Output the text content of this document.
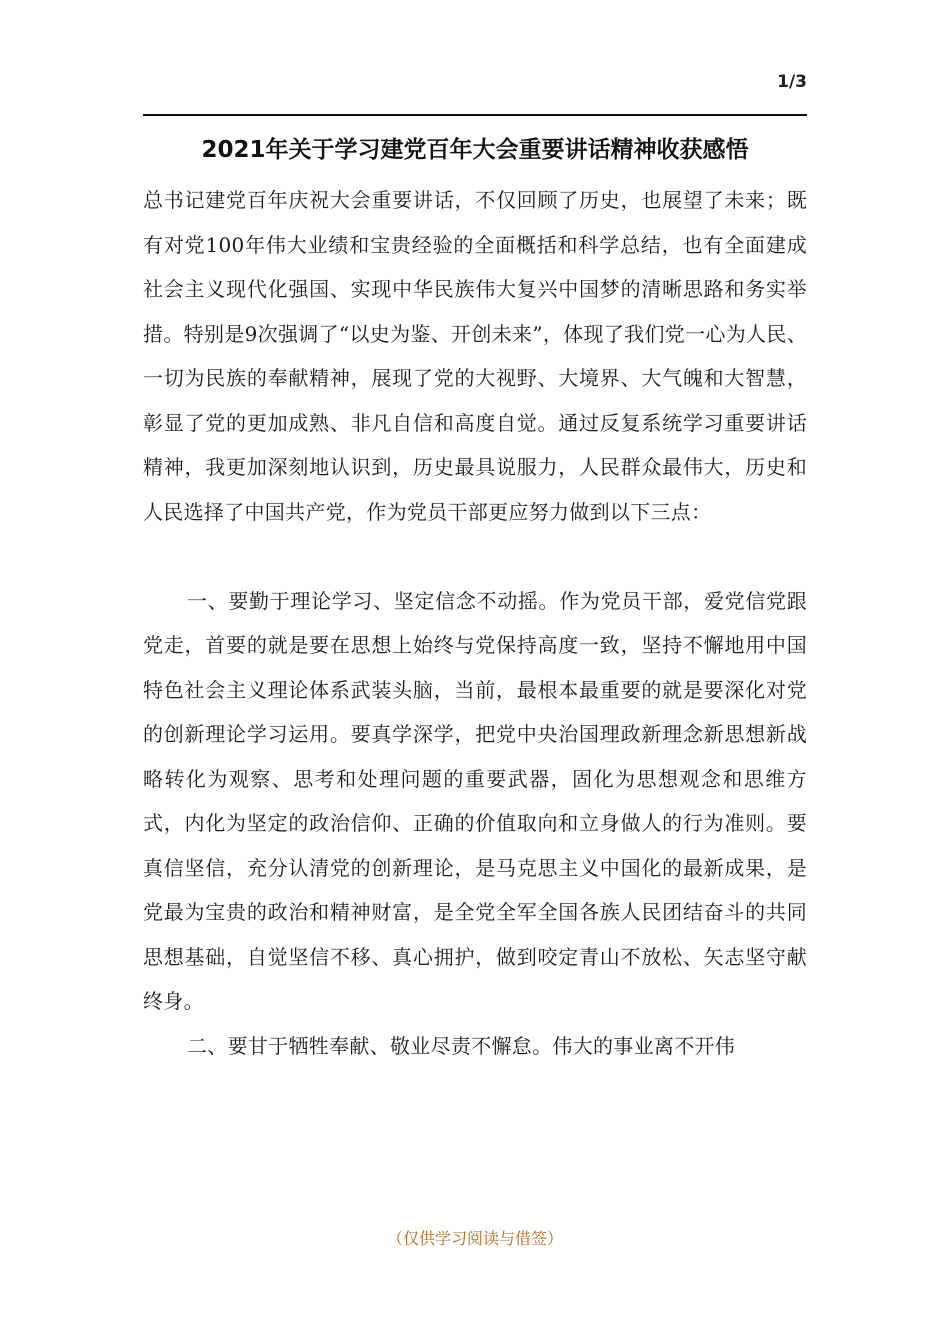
1/3
2021年关于学习建党百年大会重要讲话精神收获感悟

总书记建党百年庆祝大会重要讲话，不仅回顾了历史，也展望了未来；既有对党100年伟大业绩和宝贵经验的全面概括和科学总结，也有全面建成社会主义现代化强国、实现中华民族伟大复兴中国梦的清晰思路和务实举措。特别是9次强调了“以史为鉴、开创未来”，体现了我们党一心为人民、一切为民族的奉献精神，展现了党的大视野、大境界、大气魄和大智慧，彰显了党的更加成熟、非凡自信和高度自觉。通过反复系统学习重要讲话精神，我更加深刻地认识到，历史最具说服力，人民群众最伟大，历史和人民选择了中国共产党，作为党员干部更应努力做到以下三点：

一、要勤于理论学习、坚定信念不动摇。作为党员干部，爱党信党跟党走，首要的就是要在思想上始终与党保持高度一致，坚持不懈地用中国特色社会主义理论体系武装头脑，当前，最根本最重要的就是要深化对党的创新理论学习运用。要真学深学，把党中央治国理政新理念新思想新战略转化为观察、思考和处理问题的重要武器，固化为思想观念和思维方式，内化为坚定的政治信仰、正确的价值取向和立身做人的行为准则。要真信坚信，充分认清党的创新理论，是马克思主义中国化的最新成果，是党最为宝贵的政治和精神财富，是全党全军全国各族人民团结奋斗的共同思想基础，自觉坚信不移、真心拥护，做到咬定青山不放松、矢志坚守献终身。

二、要甘于牺牲奉献、敬业尽责不懈怠。伟大的事业离不开伟

（仅供学习阅读与借签）
